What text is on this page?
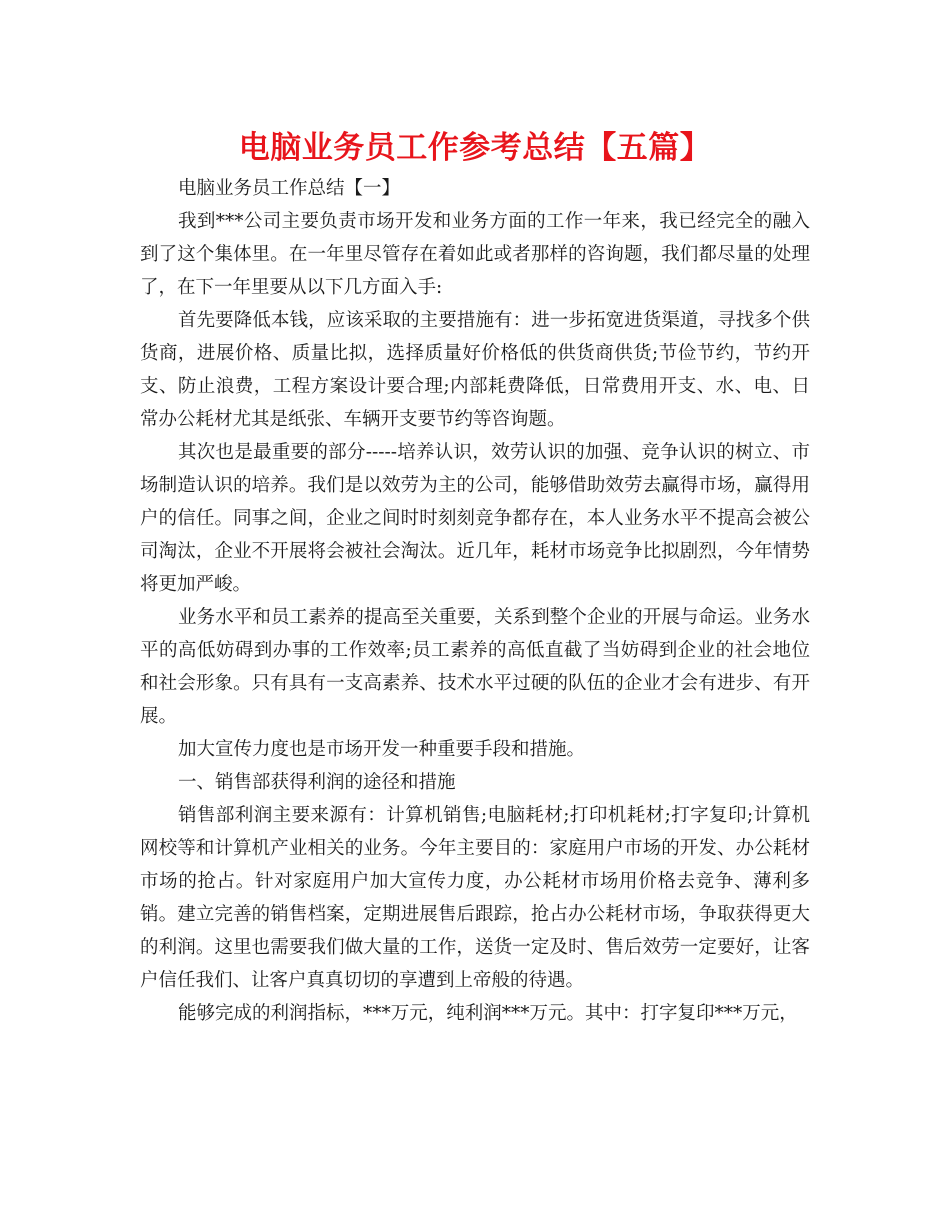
电脑业务员工作参考总结【五篇】

电脑业务员工作总结【一】

我到***公司主要负责市场开发和业务方面的工作一年来，我已经完全的融入到了这个集体里。在一年里尽管存在着如此或者那样的咨询题，我们都尽量的处理了，在下一年里要从以下几方面入手:

首先要降低本钱，应该采取的主要措施有：进一步拓宽进货渠道，寻找多个供货商，进展价格、质量比拟，选择质量好价格低的供货商供货;节俭节约，节约开支、防止浪费，工程方案设计要合理;内部耗费降低，日常费用开支、水、电、日常办公耗材尤其是纸张、车辆开支要节约等咨询题。

其次也是最重要的部分-----培养认识，效劳认识的加强、竞争认识的树立、市场制造认识的培养。我们是以效劳为主的公司，能够借助效劳去赢得市场，赢得用户的信任。同事之间，企业之间时时刻刻竞争都存在，本人业务水平不提高会被公司淘汰，企业不开展将会被社会淘汰。近几年，耗材市场竞争比拟剧烈，今年情势将更加严峻。

业务水平和员工素养的提高至关重要，关系到整个企业的开展与命运。业务水平的高低妨碍到办事的工作效率;员工素养的高低直截了当妨碍到企业的社会地位和社会形象。只有具有一支高素养、技术水平过硬的队伍的企业才会有进步、有开展。

加大宣传力度也是市场开发一种重要手段和措施。

一、销售部获得利润的途径和措施

销售部利润主要来源有：计算机销售;电脑耗材;打印机耗材;打字复印;计算机网校等和计算机产业相关的业务。今年主要目的：家庭用户市场的开发、办公耗材市场的抢占。针对家庭用户加大宣传力度，办公耗材市场用价格去竞争、薄利多销。建立完善的销售档案，定期进展售后跟踪，抢占办公耗材市场，争取获得更大的利润。这里也需要我们做大量的工作，送货一定及时、售后效劳一定要好，让客户信任我们、让客户真真切切的享遭到上帝般的待遇。

能够完成的利润指标，***万元，纯利润***万元。其中：打字复印***万元，
